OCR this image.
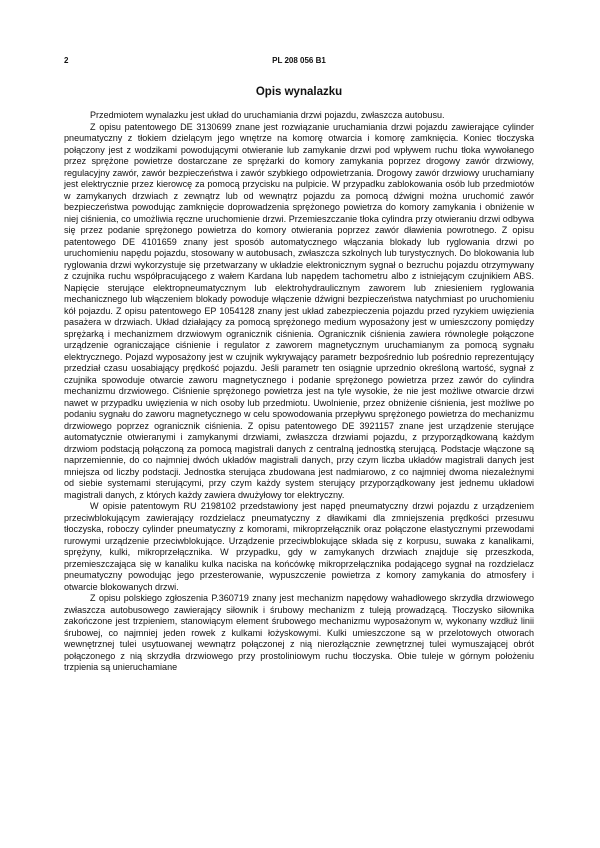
2	PL 208 056 B1
Opis wynalazku

Przedmiotem wynalazku jest układ do uruchamiania drzwi pojazdu, zwłaszcza autobusu.

Z opisu patentowego DE 3130699 znane jest rozwiązanie uruchamiania drzwi pojazdu zawierające cylinder pneumatyczny z tłokiem dzielącym jego wnętrze na komorę otwarcia i komorę zamknięcia. Koniec tłoczyska połączony jest z wodzikami powodującymi otwieranie lub zamykanie drzwi pod wpływem ruchu tłoka wywołanego przez sprężone powietrze dostarczane ze sprężarki do komory zamykania poprzez drogowy zawór drzwiowy, regulacyjny zawór, zawór bezpieczeństwa i zawór szybkiego odpowietrzania. Drogowy zawór drzwiowy uruchamiany jest elektrycznie przez kierowcę za pomocą przycisku na pulpicie. W przypadku zablokowania osób lub przedmiotów w zamykanych drzwiach z zewnątrz lub od wewnątrz pojazdu za pomocą dźwigni można uruchomić zawór bezpieczeństwa powodując zamknięcie doprowadzenia sprężonego powietrza do komory zamykania i obniżenie w niej ciśnienia, co umożliwia ręczne uruchomienie drzwi. Przemieszczanie tłoka cylindra przy otwieraniu drzwi odbywa się przez podanie sprężonego powietrza do komory otwierania poprzez zawór dławienia powrotnego. Z opisu patentowego DE 4101659 znany jest sposób automatycznego włączania blokady lub ryglowania drzwi po uruchomieniu napędu pojazdu, stosowany w autobusach, zwłaszcza szkolnych lub turystycznych. Do blokowania lub ryglowania drzwi wykorzystuje się przetwarzany w układzie elektronicznym sygnał o bezruchu pojazdu otrzymywany z czujnika ruchu współpracującego z wałem Kardana lub napędem tachometru albo z istniejącym czujnikiem ABS. Napięcie sterujące elektropneumatycznym lub elektrohydraulicznym zaworem lub zniesieniem ryglowania mechanicznego lub włączeniem blokady powoduje włączenie dźwigni bezpieczeństwa natychmiast po uruchomieniu kół pojazdu. Z opisu patentowego EP 1054128 znany jest układ zabezpieczenia pojazdu przed ryzykiem uwięzienia pasażera w drzwiach. Układ działający za pomocą sprężonego medium wyposażony jest w umieszczony pomiędzy sprężarką i mechanizmem drzwiowym ogranicznik ciśnienia. Ogranicznik ciśnienia zawiera równoległe połączone urządzenie ograniczające ciśnienie i regulator z zaworem magnetycznym uruchamianym za pomocą sygnału elektrycznego. Pojazd wyposażony jest w czujnik wykrywający parametr bezpośrednio lub pośrednio reprezentujący przedział czasu uosabiający prędkość pojazdu. Jeśli parametr ten osiągnie uprzednio określoną wartość, sygnał z czujnika spowoduje otwarcie zaworu magnetycznego i podanie sprężonego powietrza przez zawór do cylindra mechanizmu drzwiowego. Ciśnienie sprężonego powietrza jest na tyle wysokie, że nie jest możliwe otwarcie drzwi nawet w przypadku uwięzienia w nich osoby lub przedmiotu. Uwolnienie, przez obniżenie ciśnienia, jest możliwe po podaniu sygnału do zaworu magnetycznego w celu spowodowania przepływu sprężonego powietrza do mechanizmu drzwiowego poprzez ogranicznik ciśnienia. Z opisu patentowego DE 3921157 znane jest urządzenie sterujące automatycznie otwieranymi i zamykanymi drzwiami, zwłaszcza drzwiami pojazdu, z przyporządkowaną każdym drzwiom podstacją połączoną za pomocą magistrali danych z centralną jednostką sterującą. Podstacje włączone są naprzemiennie, do co najmniej dwóch układów magistrali danych, przy czym liczba układów magistrali danych jest mniejsza od liczby podstacji. Jednostka sterująca zbudowana jest nadmiarowo, z co najmniej dwoma niezależnymi od siebie systemami sterującymi, przy czym każdy system sterujący przyporządkowany jest jednemu układowi magistrali danych, z których każdy zawiera dwużyłowy tor elektryczny.

W opisie patentowym RU 2198102 przedstawiony jest napęd pneumatyczny drzwi pojazdu z urządzeniem przeciwblokującym zawierający rozdzielacz pneumatyczny z dławikami dla zmniejszenia prędkości przesuwu tłoczyska, roboczy cylinder pneumatyczny z komorami, mikroprzełącznik oraz połączone elastycznymi przewodami rurowymi urządzenie przeciwblokujące. Urządzenie przeciwblokujące składa się z korpusu, suwaka z kanalikami, sprężyny, kulki, mikroprzełącznika. W przypadku, gdy w zamykanych drzwiach znajduje się przeszkoda, przemieszczająca się w kanaliku kulka naciska na końcówkę mikroprzełącznika podającego sygnał na rozdzielacz pneumatyczny powodując jego przesterowanie, wypuszczenie powietrza z komory zamykania do atmosfery i otwarcie blokowanych drzwi.

Z opisu polskiego zgłoszenia P.360719 znany jest mechanizm napędowy wahadłowego skrzydła drzwiowego zwłaszcza autobusowego zawierający siłownik i śrubowy mechanizm z tuleją prowadzącą. Tłoczysko siłownika zakończone jest trzpieniem, stanowiącym element śrubowego mechanizmu wyposażonym w, wykonany wzdłuż linii śrubowej, co najmniej jeden rowek z kulkami łożyskowymi. Kulki umieszczone są w przelotowych otworach wewnętrznej tulei usytuowanej wewnątrz połączonej z nią nierozłącznie zewnętrznej tulei wymuszającej obrót połączonego z nią skrzydła drzwiowego przy prostoliniowym ruchu tłoczyska. Obie tuleje w górnym położeniu trzpienia są unieruchamiane
